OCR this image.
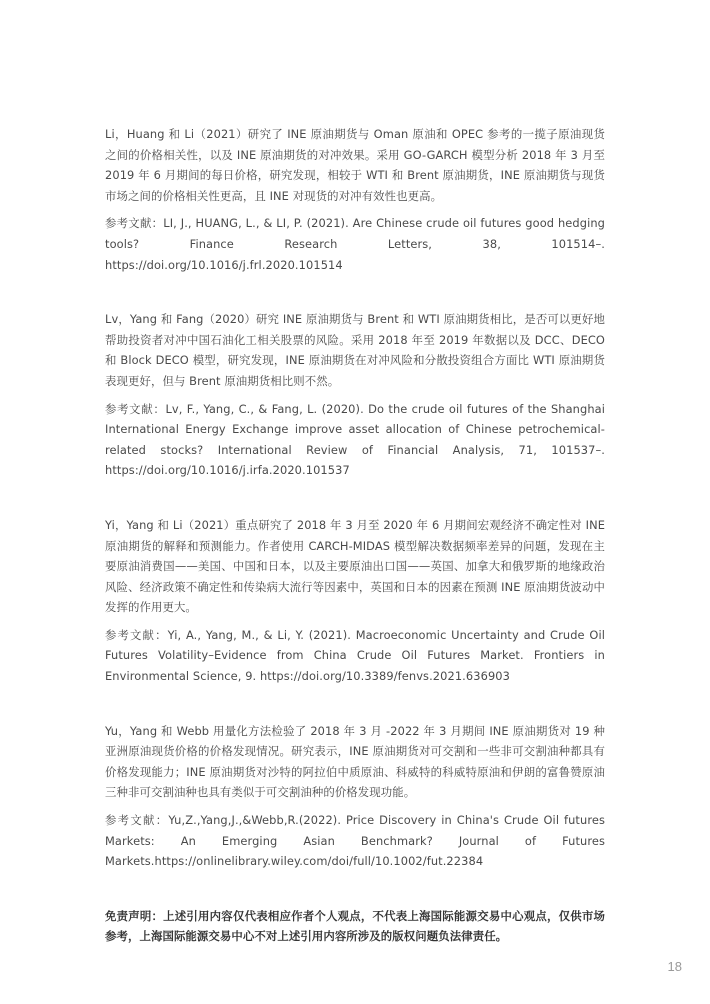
Li，Huang 和 Li（2021）研究了 INE 原油期货与 Oman 原油和 OPEC 参考的一揽子原油现货之间的价格相关性，以及 INE 原油期货的对冲效果。采用 GO-GARCH 模型分析 2018 年 3 月至 2019 年 6 月期间的每日价格，研究发现，相较于 WTI 和 Brent 原油期货，INE 原油期货与现货市场之间的价格相关性更高，且 INE 对现货的对冲有效性也更高。

参考文献：LI, J., HUANG, L., & LI, P. (2021). Are Chinese crude oil futures good hedging tools? Finance Research Letters, 38, 101514–. https://doi.org/10.1016/j.frl.2020.101514

Lv，Yang 和 Fang（2020）研究 INE 原油期货与 Brent 和 WTI 原油期货相比，是否可以更好地帮助投资者对冲中国石油化工相关股票的风险。采用 2018 年至 2019 年数据以及 DCC、DECO 和 Block DECO 模型，研究发现，INE 原油期货在对冲风险和分散投资组合方面比 WTI 原油期货表现更好，但与 Brent 原油期货相比则不然。

参考文献：Lv, F., Yang, C., & Fang, L. (2020). Do the crude oil futures of the Shanghai International Energy Exchange improve asset allocation of Chinese petrochemical-related stocks? International Review of Financial Analysis, 71, 101537–. https://doi.org/10.1016/j.irfa.2020.101537

Yi，Yang 和 Li（2021）重点研究了 2018 年 3 月至 2020 年 6 月期间宏观经济不确定性对 INE 原油期货的解释和预测能力。作者使用 CARCH-MIDAS 模型解决数据频率差异的问题，发现在主要原油消费国——美国、中国和日本，以及主要原油出口国——英国、加拿大和俄罗斯的地缘政治风险、经济政策不确定性和传染病大流行等因素中，英国和日本的因素在预测 INE 原油期货波动中发挥的作用更大。

参考文献：Yi, A., Yang, M., & Li, Y. (2021). Macroeconomic Uncertainty and Crude Oil Futures Volatility–Evidence from China Crude Oil Futures Market. Frontiers in Environmental Science, 9. https://doi.org/10.3389/fenvs.2021.636903

Yu，Yang 和 Webb 用量化方法检验了 2018 年 3 月 -2022 年 3 月期间 INE 原油期货对 19 种亚洲原油现货价格的价格发现情况。研究表示，INE 原油期货对可交割和一些非可交割油种都具有价格发现能力；INE 原油期货对沙特的阿拉伯中质原油、科威特的科威特原油和伊朗的富鲁赞原油三种非可交割油种也具有类似于可交割油种的价格发现功能。

参考文献：Yu,Z.,Yang,J.,&Webb,R.(2022). Price Discovery in China's Crude Oil futures Markets: An Emerging Asian Benchmark? Journal of Futures Markets.https://onlinelibrary.wiley.com/doi/full/10.1002/fut.22384

免责声明：上述引用内容仅代表相应作者个人观点，不代表上海国际能源交易中心观点，仅供市场参考，上海国际能源交易中心不对上述引用内容所涉及的版权问题负法律责任。

18
